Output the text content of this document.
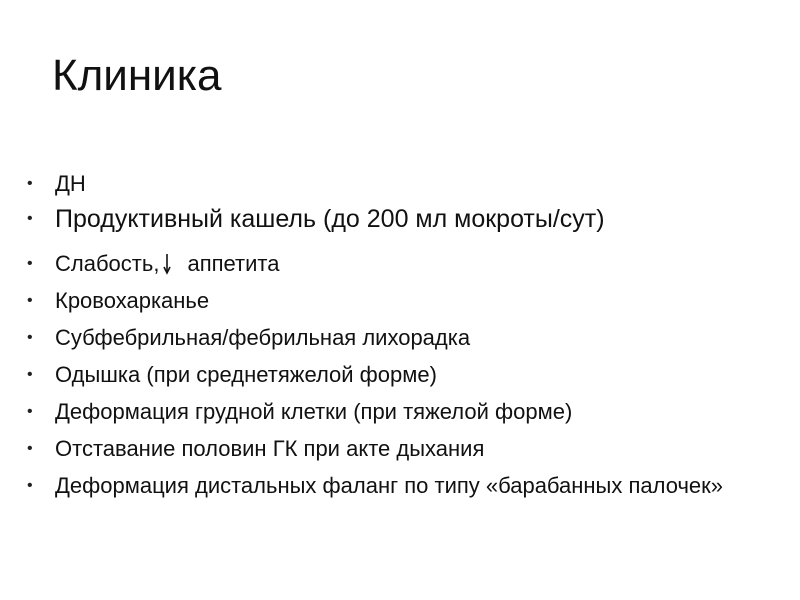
Клиника
•	ДН
• Продуктивный кашель (до 200 мл мокроты/сут)
•	Слабость, аппетита
•	Кровохарканье
•	Субфебрильная/фебрильная лихорадка
•	Одышка (при среднетяжелой форме)
•	Деформация грудной клетки (при тяжелой форме)
•	Отставание половин ГК при акте дыхания
•	Деформация дистальных фаланг по типу «барабанных палочек»
